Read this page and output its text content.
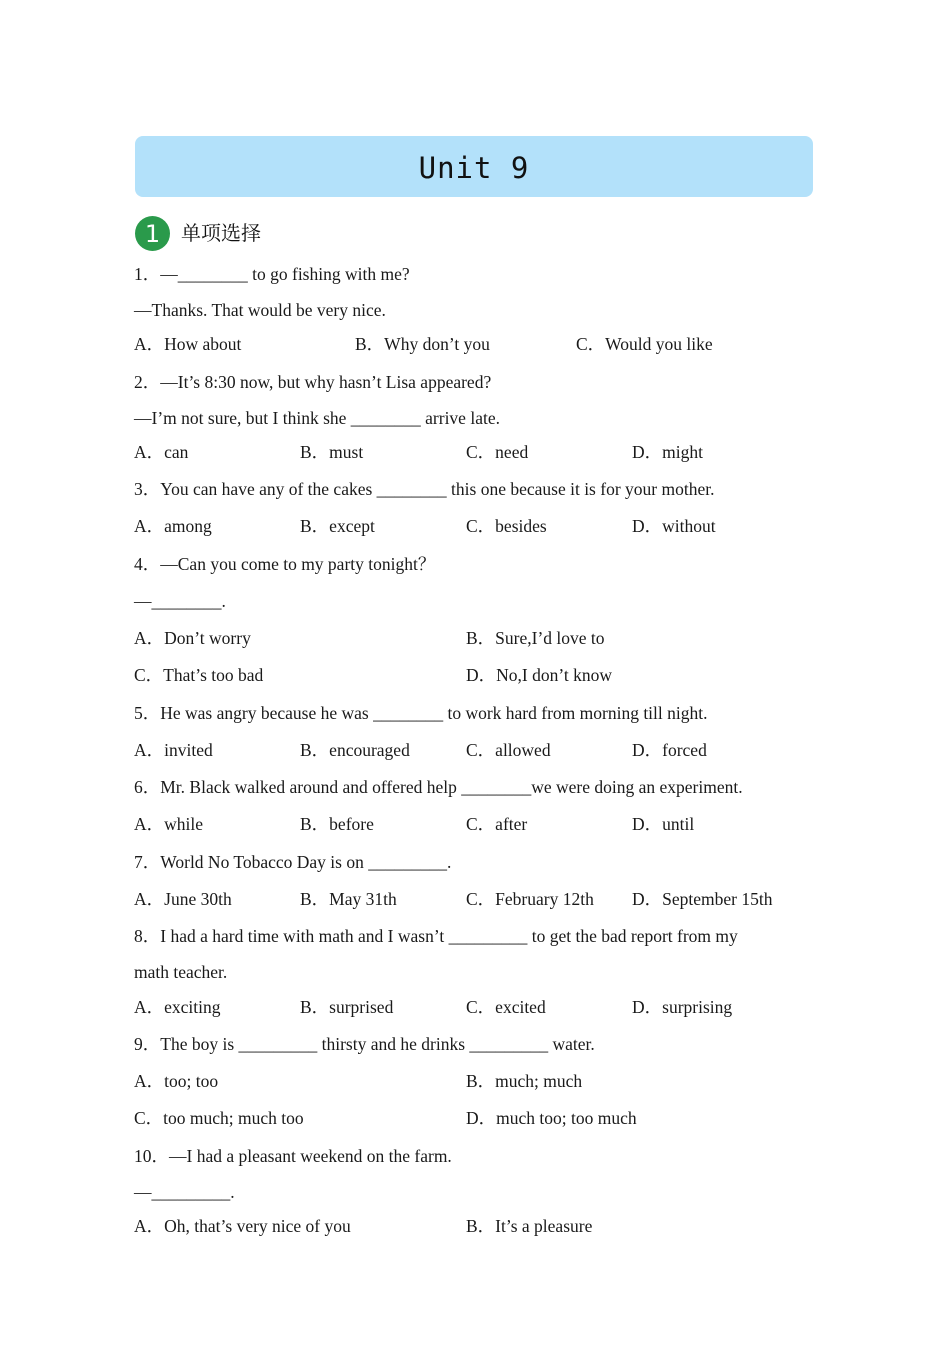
Unit 9
1	单项选择
1．—________ to go fishing with me?
—Thanks. That would be very nice.
A．How about	B．Why don’t you	C．Would you like
2．—It’s 8:30 now, but why hasn’t Lisa appeared?
—I’m not sure, but I think she ________ arrive late.
A．can	B．must	C．need	D．might
3．You can have any of the cakes ________ this one because it is for your mother.
A．among	B．except	C．besides	D．without
4．—Can you come to my party tonight？
—________.
A．Don’t worry	B．Sure,I’d love to
C．That’s too bad	D．No,I don’t know
5．He was angry because he was ________ to work hard from morning till night.
A．invited	B．encouraged	C．allowed	D．forced
6．Mr. Black walked around and offered help ________we were doing an experiment.
A．while	B．before	C．after	D．until
7．World No Tobacco Day is on _________.
A．June 30th	B．May 31th	C．February 12th D．September 15th
8．I had a hard time with math and I wasn’t _________ to get the bad report from my
math teacher.
A．exciting	B．surprised	C．excited	D．surprising
9．The boy is _________ thirsty and he drinks _________ water.
A．too; too	B．much; much
C．too much; much too	D．much too; too much
10．—I had a pleasant weekend on the farm.
—_________.
A．Oh, that’s very nice of you	B．It’s a pleasure
